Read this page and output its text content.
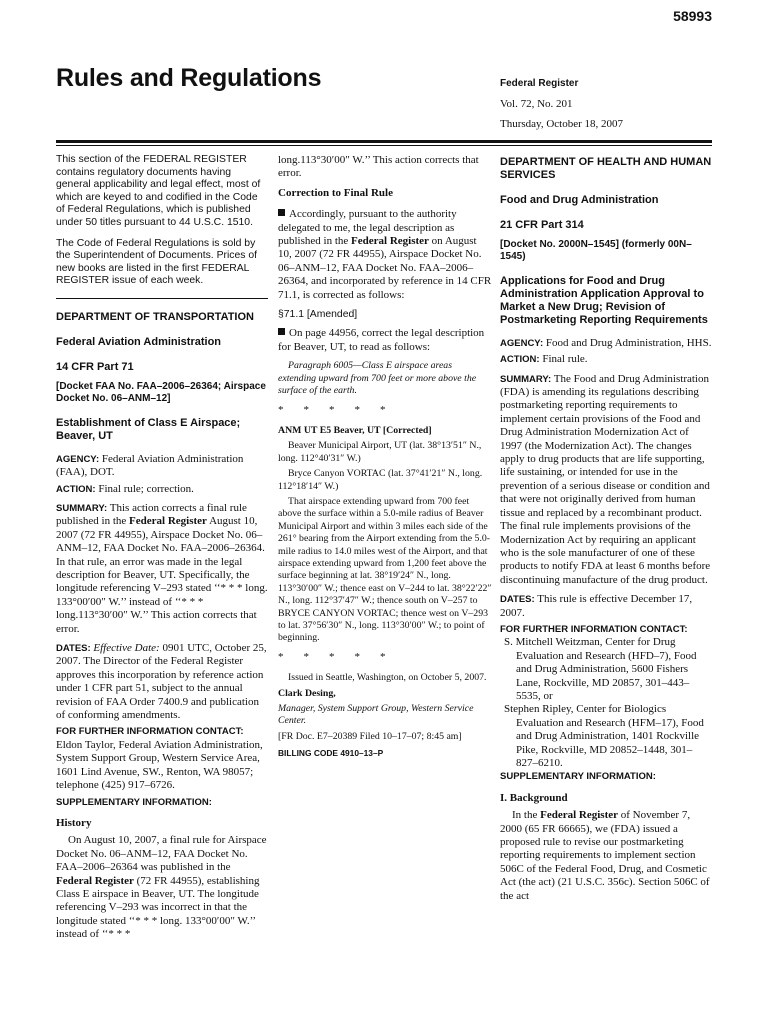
58993
Rules and Regulations	Federal Register
Vol. 72, No. 201
Thursday, October 18, 2007

This section of the FEDERAL REGISTER contains regulatory documents having general applicability and legal effect, most of which are keyed to and codified in the Code of Federal Regulations, which is published under 50 titles pursuant to 44 U.S.C. 1510.

The Code of Federal Regulations is sold by the Superintendent of Documents. Prices of new books are listed in the first FEDERAL REGISTER issue of each week.

DEPARTMENT OF TRANSPORTATION
Federal Aviation Administration
14 CFR Part 71
[Docket FAA No. FAA–2006–26364; Airspace Docket No. 06–ANM–12]
Establishment of Class E Airspace; Beaver, UT

AGENCY: Federal Aviation Administration (FAA), DOT.

ACTION: Final rule; correction.

SUMMARY: This action corrects a final rule published in the Federal Register August 10, 2007 (72 FR 44955), Airspace Docket No. 06–ANM–12, FAA Docket No. FAA–2006–26364. In that rule, an error was made in the legal description for Beaver, UT. Specifically, the longitude referencing V–293 stated ‘‘* * * long. 133°00′00″ W.’’ instead of ‘‘* * * long.113°30′00″ W.’’ This action corrects that error.

DATES: Effective Date: 0901 UTC, October 25, 2007. The Director of the Federal Register approves this incorporation by reference action under 1 CFR part 51, subject to the annual revision of FAA Order 7400.9 and publication of conforming amendments.

FOR FURTHER INFORMATION CONTACT:

Eldon Taylor, Federal Aviation Administration, System Support Group, Western Service Area, 1601 Lind Avenue, SW., Renton, WA 98057; telephone (425) 917–6726.

SUPPLEMENTARY INFORMATION:
History

On August 10, 2007, a final rule for Airspace Docket No. 06–ANM–12, FAA Docket No. FAA–2006–26364 was published in the Federal Register (72 FR 44955), establishing Class E airspace in Beaver, UT. The longitude referencing V–293 was incorrect in that the longitude stated ‘‘* * * long. 133°00′00″ W.’’ instead of ‘‘* * *

long.113°30′00″ W.’’ This action corrects that error.

Correction to Final Rule

Accordingly, pursuant to the authority delegated to me, the legal description as published in the Federal Register on August 10, 2007 (72 FR 44955), Airspace Docket No. 06–ANM–12, FAA Docket No. FAA–2006–26364, and incorporated by reference in 14 CFR 71.1, is corrected as follows:

§71.1 [Amended]

On page 44956, correct the legal description for Beaver, UT, to read as follows:

Paragraph 6005—Class E airspace areas extending upward from 700 feet or more above the surface of the earth.

* * * * *

ANM UT E5 Beaver, UT [Corrected]

Beaver Municipal Airport, UT (lat. 38°13′51″ N., long. 112°40′31″ W.)

Bryce Canyon VORTAC (lat. 37°41′21″ N., long. 112°18′14″ W.)

That airspace extending upward from 700 feet above the surface within a 5.0-mile radius of Beaver Municipal Airport and within 3 miles each side of the 261° bearing from the Airport extending from the 5.0-mile radius to 14.0 miles west of the Airport, and that airspace extending upward from 1,200 feet above the surface beginning at lat. 38°19′24″ N., long. 113°30′00″ W.; thence east on V–244 to lat. 38°22′22″ N., long. 112°37′47″ W.; thence south on V–257 to BRYCE CANYON VORTAC; thence west on V–293 to lat. 37°56′30″ N., long. 113°30′00″ W.; to point of beginning.

* * * * *

Issued in Seattle, Washington, on October 5, 2007.

Clark Desing,

Manager, System Support Group, Western Service Center.

[FR Doc. E7–20389 Filed 10–17–07; 8:45 am]

BILLING CODE 4910–13–P
DEPARTMENT OF HEALTH AND HUMAN SERVICES
Food and Drug Administration
21 CFR Part 314
[Docket No. 2000N–1545] (formerly 00N–1545)
Applications for Food and Drug Administration Application Approval to Market a New Drug; Revision of Postmarketing Reporting Requirements

AGENCY: Food and Drug Administration, HHS.

ACTION: Final rule.

SUMMARY: The Food and Drug Administration (FDA) is amending its regulations describing postmarketing reporting requirements to implement certain provisions of the Food and Drug Administration Modernization Act of 1997 (the Modernization Act). The changes apply to drug products that are life supporting, life sustaining, or intended for use in the prevention of a serious disease or condition and that were not originally derived from human tissue and replaced by a recombinant product. The final rule implements provisions of the Modernization Act by requiring an applicant who is the sole manufacturer of one of these products to notify FDA at least 6 months before discontinuing manufacture of the drug product.

DATES: This rule is effective December 17, 2007.

FOR FURTHER INFORMATION CONTACT:

S. Mitchell Weitzman, Center for Drug Evaluation and Research (HFD–7), Food and Drug Administration, 5600 Fishers Lane, Rockville, MD 20857, 301–443–5535, or

Stephen Ripley, Center for Biologics Evaluation and Research (HFM–17), Food and Drug Administration, 1401 Rockville Pike, Rockville, MD 20852–1448, 301–827–6210.

SUPPLEMENTARY INFORMATION:
I. Background

In the Federal Register of November 7, 2000 (65 FR 66665), we (FDA) issued a proposed rule to revise our postmarketing reporting requirements to implement section 506C of the Federal Food, Drug, and Cosmetic Act (the act) (21 U.S.C. 356c). Section 506C of the act
